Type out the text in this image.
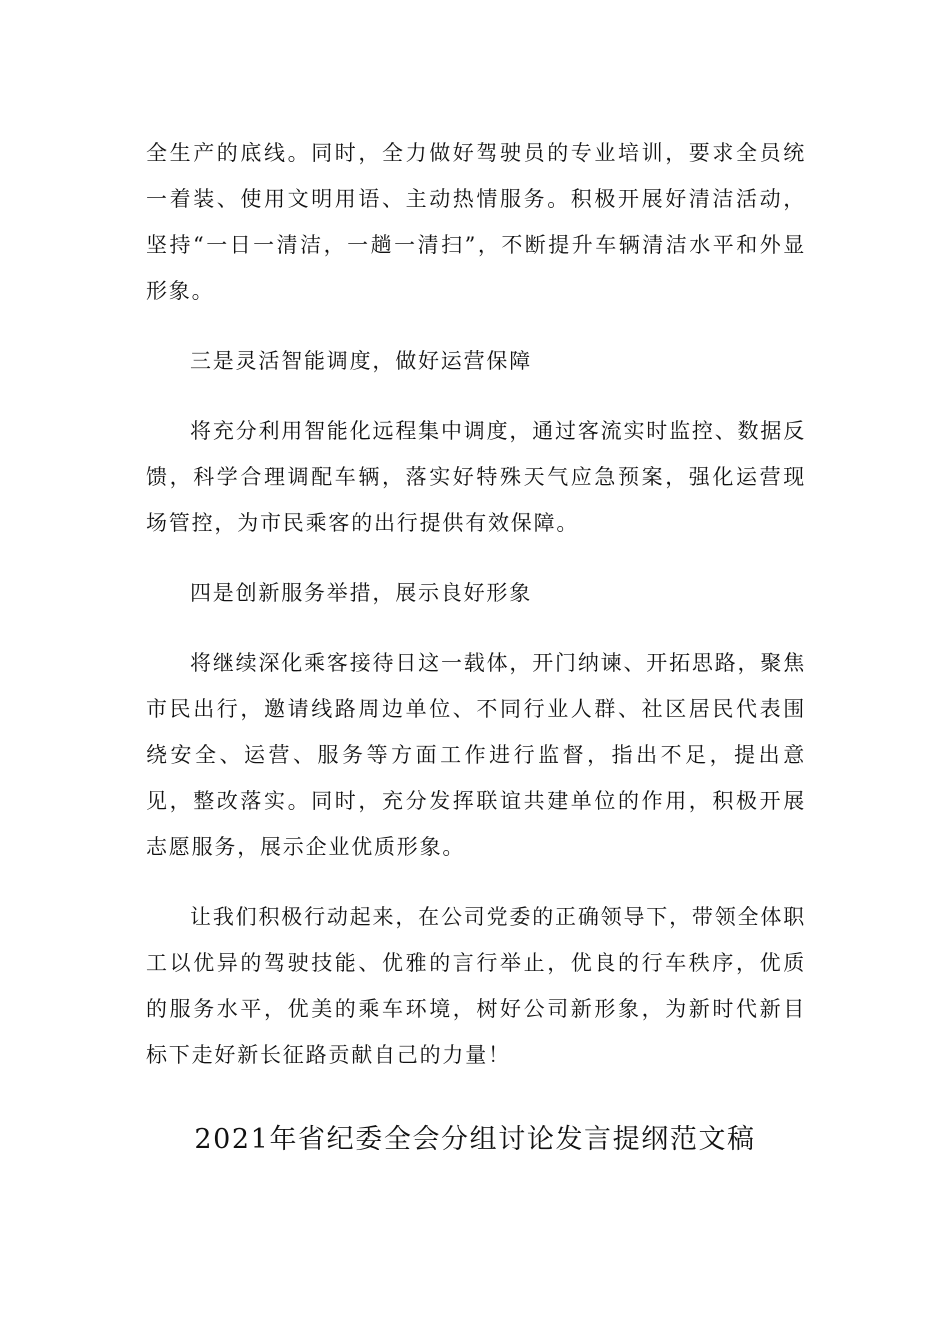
全生产的底线。同时，全力做好驾驶员的专业培训，要求全员统一着装、使用文明用语、主动热情服务。积极开展好清洁活动，坚持“一日一清洁，一趟一清扫”，不断提升车辆清洁水平和外显形象。

三是灵活智能调度，做好运营保障

将充分利用智能化远程集中调度，通过客流实时监控、数据反馈，科学合理调配车辆，落实好特殊天气应急预案，强化运营现场管控，为市民乘客的出行提供有效保障。

四是创新服务举措，展示良好形象

将继续深化乘客接待日这一载体，开门纳谏、开拓思路，聚焦市民出行，邀请线路周边单位、不同行业人群、社区居民代表围绕安全、运营、服务等方面工作进行监督，指出不足，提出意见，整改落实。同时，充分发挥联谊共建单位的作用，积极开展志愿服务，展示企业优质形象。

让我们积极行动起来，在公司党委的正确领导下，带领全体职工以优异的驾驶技能、优雅的言行举止，优良的行车秩序，优质的服务水平，优美的乘车环境，树好公司新形象，为新时代新目标下走好新长征路贡献自己的力量！

2021年省纪委全会分组讨论发言提纲范文稿
